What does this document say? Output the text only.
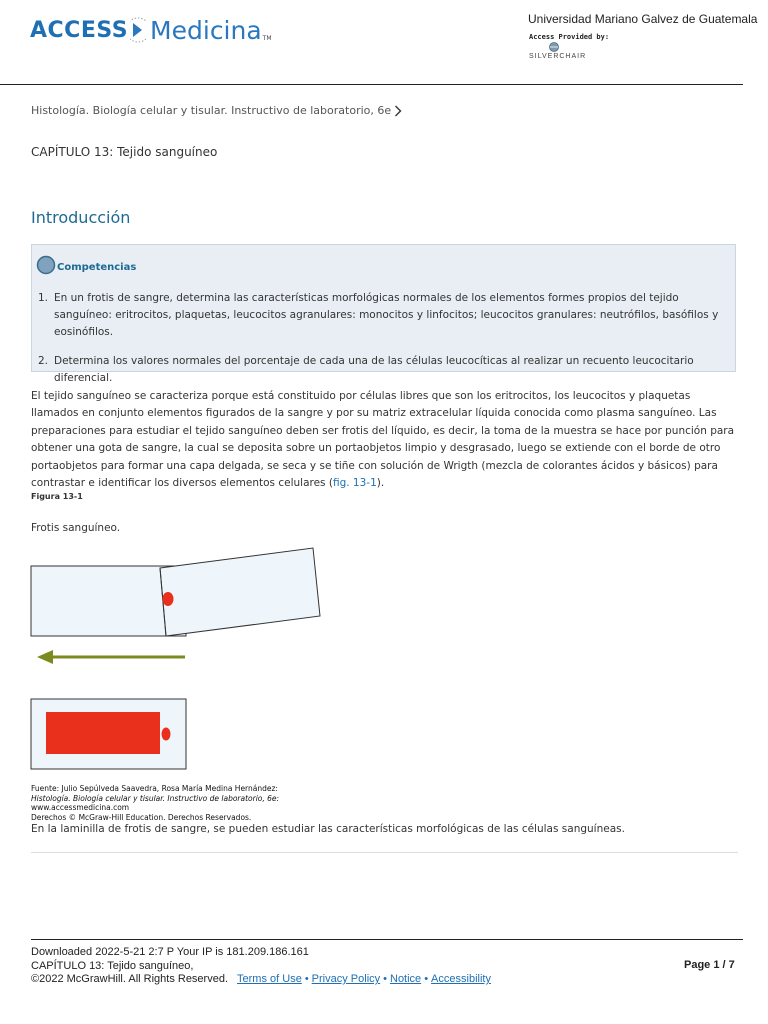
ACCESS Medicina TM
Universidad Mariano Galvez de Guatemala
Access Provided by:
SILVERCHAIR
Histología. Biología celular y tisular. Instructivo de laboratorio, 6e
CAPÍTULO 13: Tejido sanguíneo
Introducción
Competencias
1. En un frotis de sangre, determina las características morfológicas normales de los elementos formes propios del tejido sanguíneo: eritrocitos, plaquetas, leucocitos agranulares: monocitos y linfocitos; leucocitos granulares: neutrófilos, basófilos y eosinófilos.
2. Determina los valores normales del porcentaje de cada una de las células leucocíticas al realizar un recuento leucocitario diferencial.
El tejido sanguíneo se caracteriza porque está constituido por células libres que son los eritrocitos, los leucocitos y plaquetas llamados en conjunto elementos figurados de la sangre y por su matriz extracelular líquida conocida como plasma sanguíneo. Las preparaciones para estudiar el tejido sanguíneo deben ser frotis del líquido, es decir, la toma de la muestra se hace por punción para obtener una gota de sangre, la cual se deposita sobre un portaobjetos limpio y desgrasado, luego se extiende con el borde de otro portaobjetos para formar una capa delgada, se seca y se tiñe con solución de Wrigth (mezcla de colorantes ácidos y básicos) para contrastar e identificar los diversos elementos celulares (fig. 13-1).
Figura 13-1
Frotis sanguíneo.
Fuente: Julio Sepúlveda Saavedra, Rosa María Medina Hernández:
Histología. Biología celular y tisular. Instructivo de laboratorio, 6e:
www.accessmedicina.com
Derechos © McGraw-Hill Education. Derechos Reservados.
En la laminilla de frotis de sangre, se pueden estudiar las características morfológicas de las células sanguíneas.
Downloaded 2022-5-21 2:7 P Your IP is 181.209.186.161
CAPÍTULO 13: Tejido sanguíneo,
©2022 McGrawHill. All Rights Reserved. Terms of Use • Privacy Policy • Notice • Accessibility
Page 1 / 7
